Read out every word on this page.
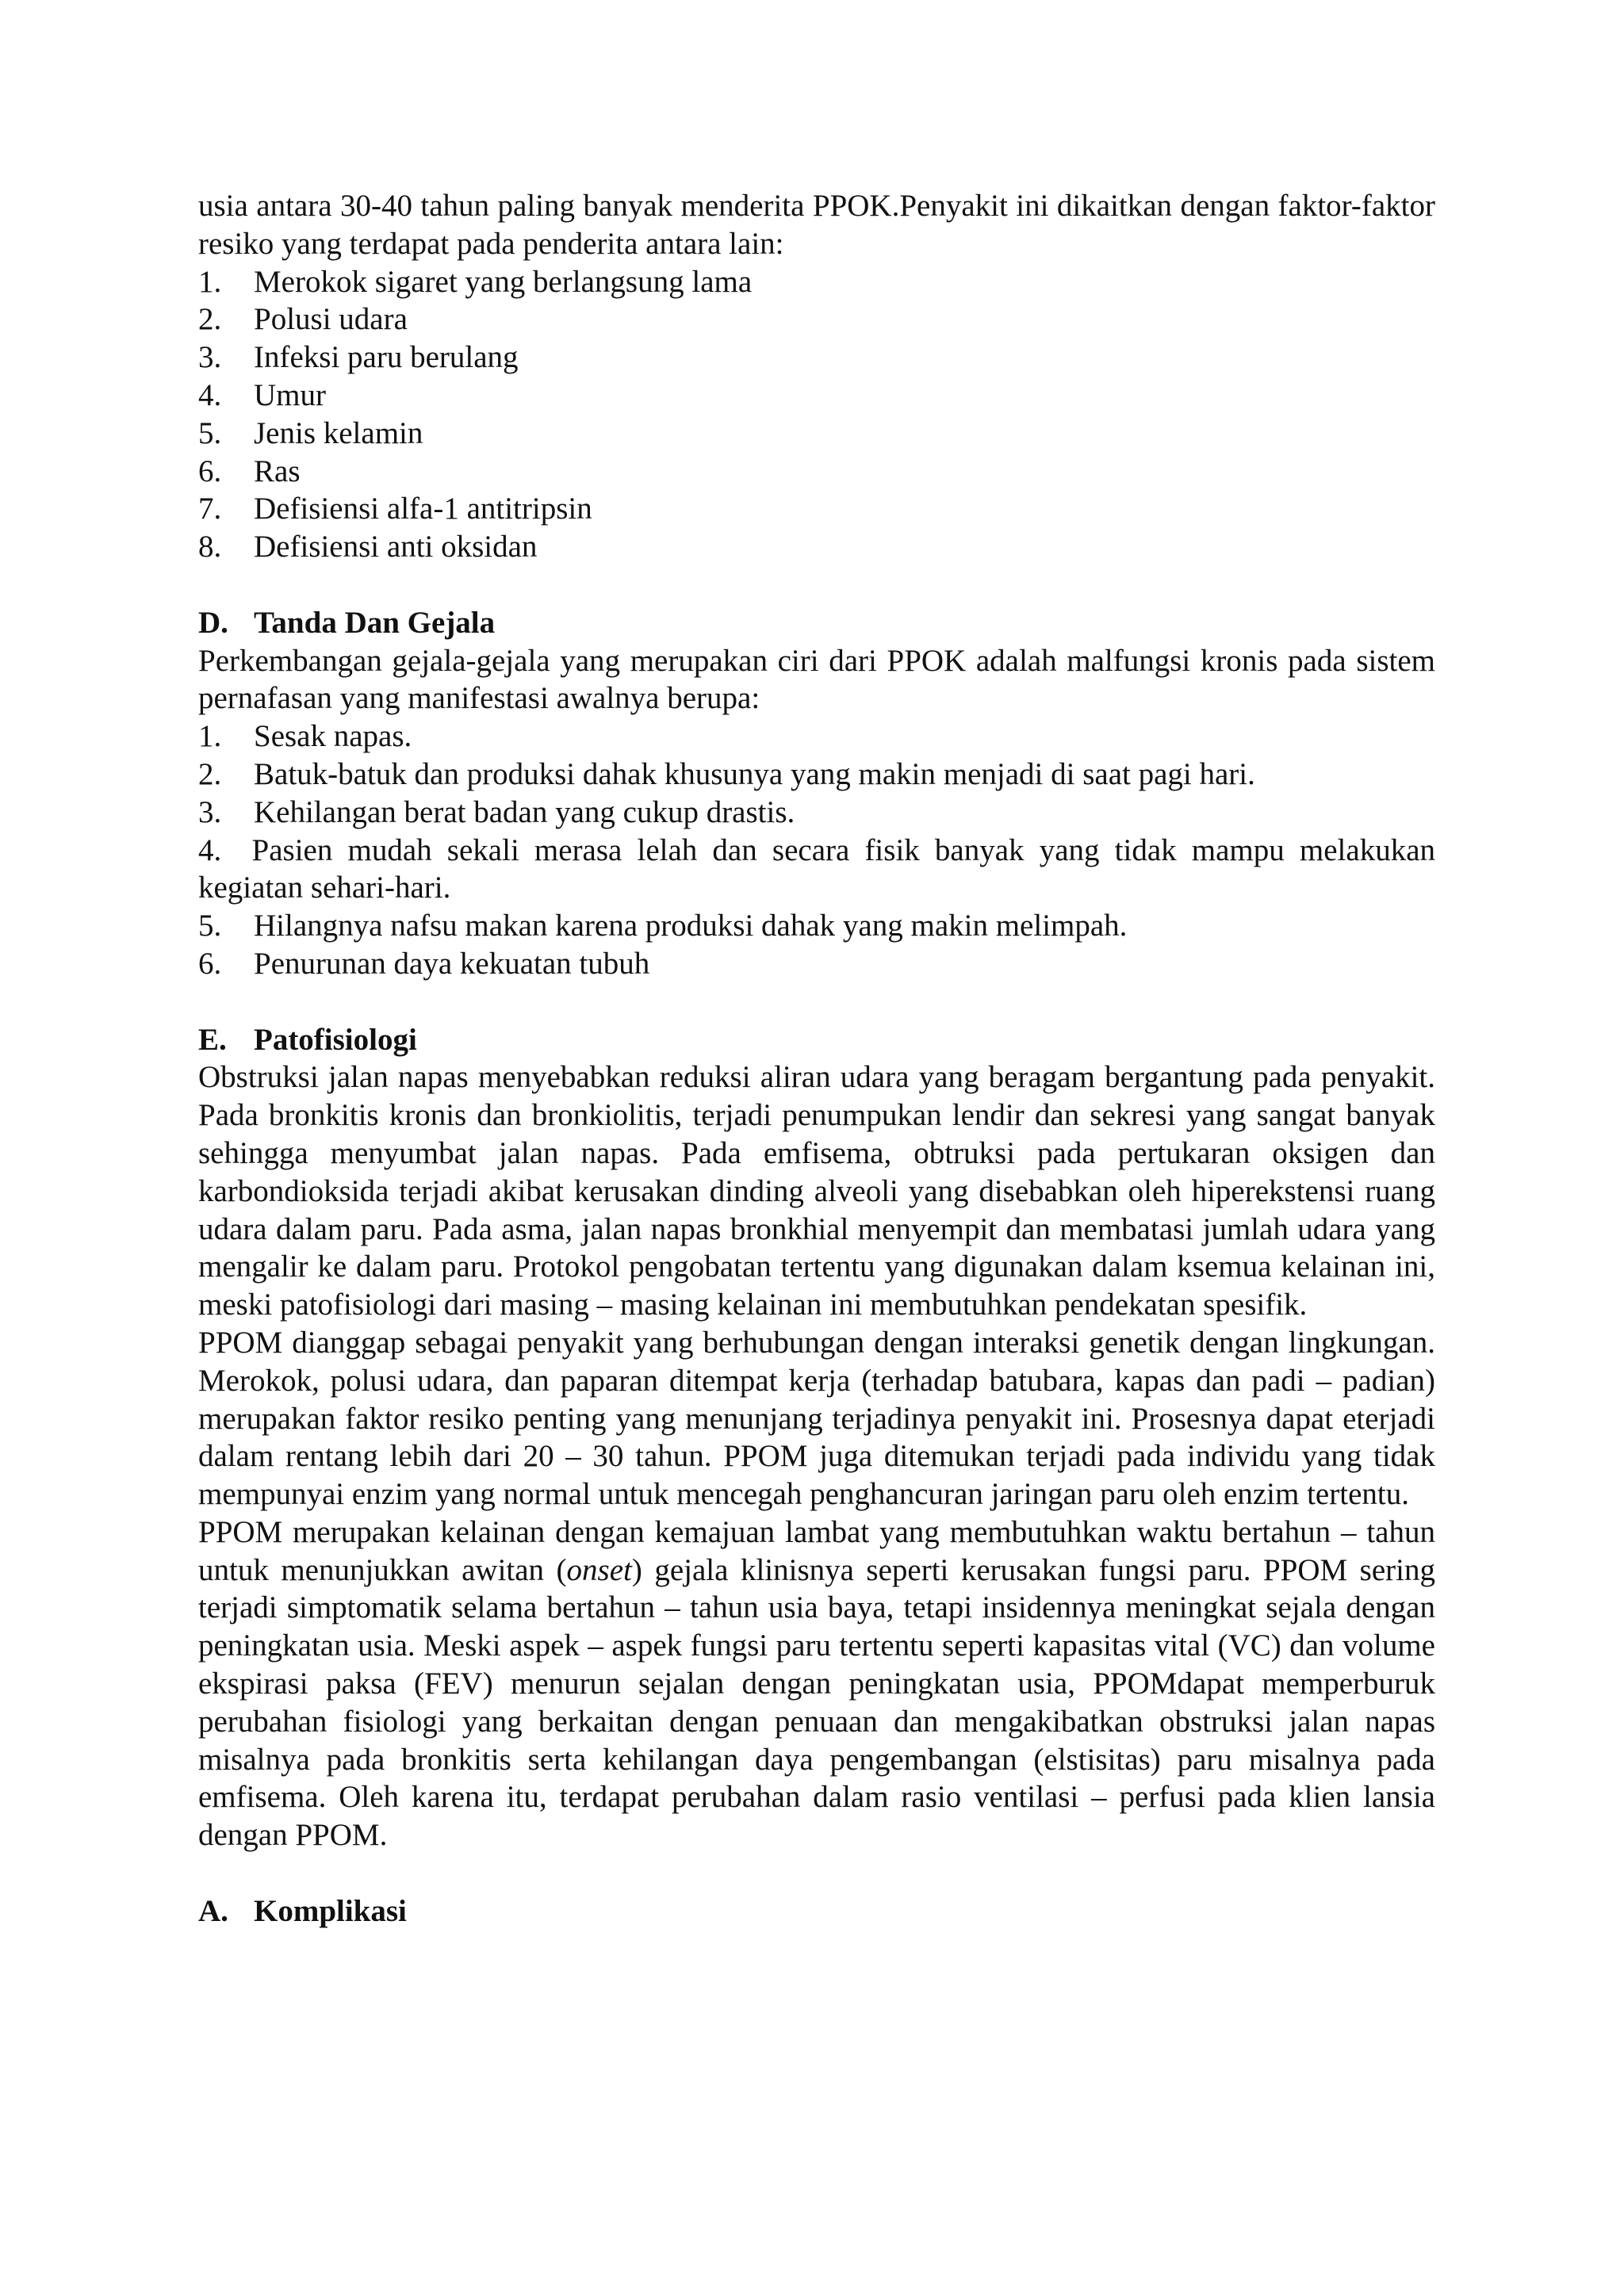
usia antara 30-40 tahun paling banyak menderita PPOK.Penyakit ini dikaitkan dengan faktor-faktor resiko yang terdapat pada penderita antara lain:

1.	Merokok sigaret yang berlangsung lama
2.	Polusi udara
3.	Infeksi paru berulang
4.	Umur
5.	Jenis kelamin
6.	Ras
7.	Defisiensi alfa-1 antitripsin
8.	Defisiensi anti oksidan
D. Tanda Dan Gejala

Perkembangan gejala-gejala yang merupakan ciri dari PPOK adalah malfungsi kronis pada sistem pernafasan yang manifestasi awalnya berupa:

1.	Sesak napas.
2.	Batuk-batuk dan produksi dahak khusunya yang makin menjadi di saat pagi hari.
3.	Kehilangan berat badan yang cukup drastis.

4. Pasien mudah sekali merasa lelah dan secara fisik banyak yang tidak mampu melakukan kegiatan sehari-hari.

5.	Hilangnya nafsu makan karena produksi dahak yang makin melimpah.
6.	Penurunan daya kekuatan tubuh
E. Patofisiologi

Obstruksi jalan napas menyebabkan reduksi aliran udara yang beragam bergantung pada penyakit. Pada bronkitis kronis dan bronkiolitis, terjadi penumpukan lendir dan sekresi yang sangat banyak sehingga menyumbat jalan napas. Pada emfisema, obtruksi pada pertukaran oksigen dan karbondioksida terjadi akibat kerusakan dinding alveoli yang disebabkan oleh hiperekstensi ruang udara dalam paru. Pada asma, jalan napas bronkhial menyempit dan membatasi jumlah udara yang mengalir ke dalam paru. Protokol pengobatan tertentu yang digunakan dalam ksemua kelainan ini, meski patofisiologi dari masing – masing kelainan ini membutuhkan pendekatan spesifik.

PPOM dianggap sebagai penyakit yang berhubungan dengan interaksi genetik dengan lingkungan. Merokok, polusi udara, dan paparan ditempat kerja (terhadap batubara, kapas dan padi – padian) merupakan faktor resiko penting yang menunjang terjadinya penyakit ini. Prosesnya dapat eterjadi dalam rentang lebih dari 20 – 30 tahun. PPOM juga ditemukan terjadi pada individu yang tidak mempunyai enzim yang normal untuk mencegah penghancuran jaringan paru oleh enzim tertentu.

PPOM merupakan kelainan dengan kemajuan lambat yang membutuhkan waktu bertahun – tahun untuk menunjukkan awitan (onset) gejala klinisnya seperti kerusakan fungsi paru. PPOM sering terjadi simptomatik selama bertahun – tahun usia baya, tetapi insidennya meningkat sejala dengan peningkatan usia. Meski aspek – aspek fungsi paru tertentu seperti kapasitas vital (VC) dan volume ekspirasi paksa (FEV) menurun sejalan dengan peningkatan usia, PPOMdapat memperburuk perubahan fisiologi yang berkaitan dengan penuaan dan mengakibatkan obstruksi jalan napas misalnya pada bronkitis serta kehilangan daya pengembangan (elstisitas) paru misalnya pada emfisema. Oleh karena itu, terdapat perubahan dalam rasio ventilasi – perfusi pada klien lansia dengan PPOM.

A. Komplikasi
